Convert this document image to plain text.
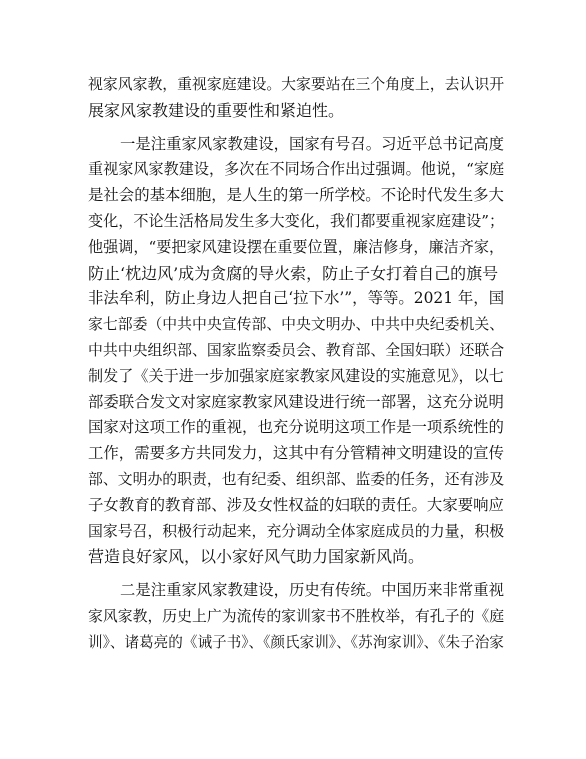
视家风家教，重视家庭建设。大家要站在三个角度上，去认识开
展家风家教建设的重要性和紧迫性。
一是注重家风家教建设，国家有号召。习近平总书记高度
重视家风家教建设，多次在不同场合作出过强调。他说，“家庭
是社会的基本细胞，是人生的第一所学校。不论时代发生多大
变化，不论生活格局发生多大变化，我们都要重视家庭建设”；
他强调，“要把家风建设摆在重要位置，廉洁修身，廉洁齐家，
防止‘枕边风’成为贪腐的导火索，防止子女打着自己的旗号
非法牟利，防止身边人把自己‘拉下水’”，等等。2021 年，国
家七部委（中共中央宣传部、中央文明办、中共中央纪委机关、
中共中央组织部、国家监察委员会、教育部、全国妇联）还联合
制发了《关于进一步加强家庭家教家风建设的实施意见》，以七
部委联合发文对家庭家教家风建设进行统一部署，这充分说明
国家对这项工作的重视，也充分说明这项工作是一项系统性的
工作，需要多方共同发力，这其中有分管精神文明建设的宣传
部、文明办的职责，也有纪委、组织部、监委的任务，还有涉及
子女教育的教育部、涉及女性权益的妇联的责任。大家要响应
国家号召，积极行动起来，充分调动全体家庭成员的力量，积极
营造良好家风，以小家好风气助力国家新风尚。
二是注重家风家教建设，历史有传统。中国历来非常重视
家风家教，历史上广为流传的家训家书不胜枚举，有孔子的《庭
训》、诸葛亮的《诫子书》、《颜氏家训》、《苏洵家训》、《朱子治家
